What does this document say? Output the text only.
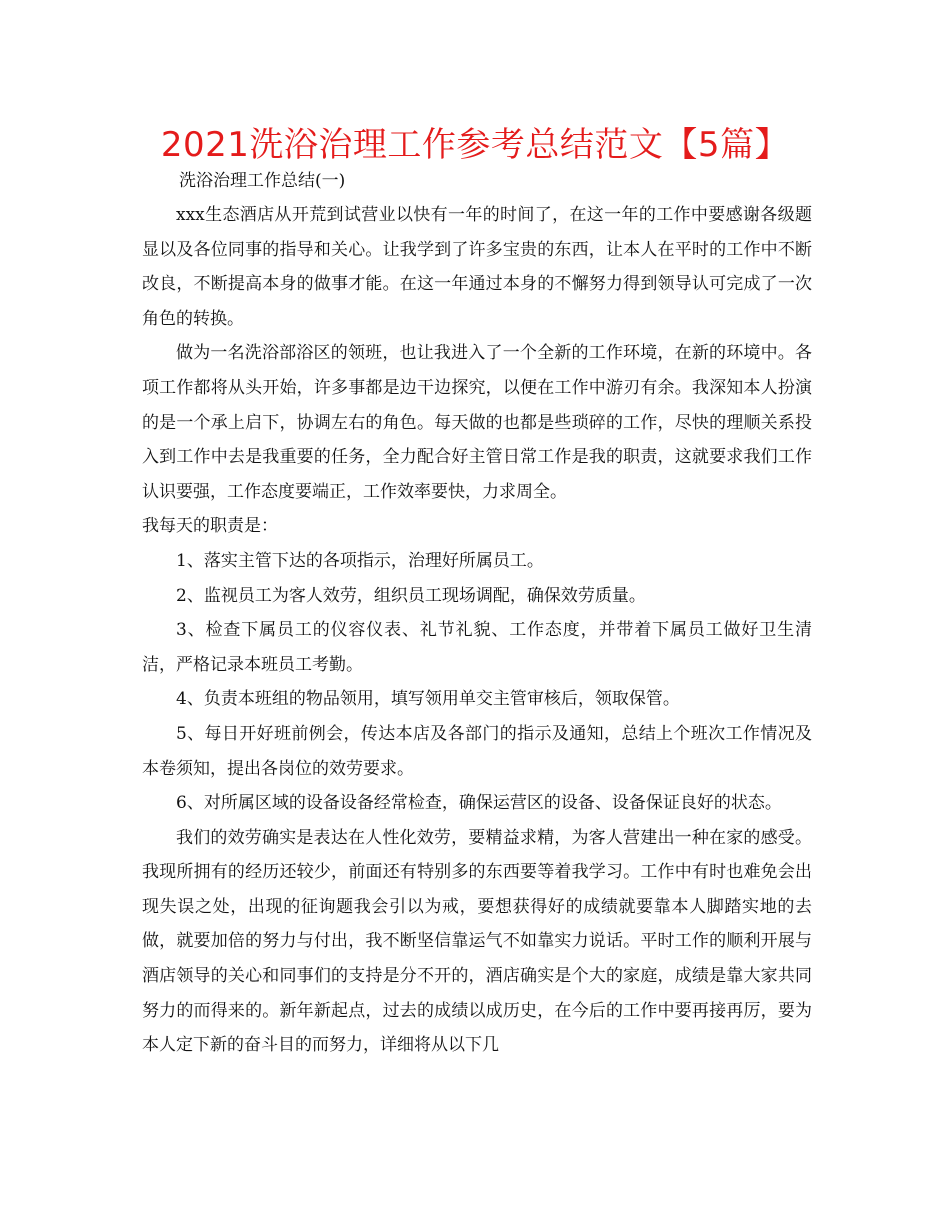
2021洗浴治理工作参考总结范文【5篇】
洗浴治理工作总结(一)

xxx生态酒店从开荒到试营业以快有一年的时间了，在这一年的工作中要感谢各级题显以及各位同事的指导和关心。让我学到了许多宝贵的东西，让本人在平时的工作中不断改良，不断提高本身的做事才能。在这一年通过本身的不懈努力得到领导认可完成了一次角色的转换。

做为一名洗浴部浴区的领班，也让我进入了一个全新的工作环境，在新的环境中。各项工作都将从头开始，许多事都是边干边探究，以便在工作中游刃有余。我深知本人扮演的是一个承上启下，协调左右的角色。每天做的也都是些琐碎的工作，尽快的理顺关系投入到工作中去是我重要的任务，全力配合好主管日常工作是我的职责，这就要求我们工作认识要强，工作态度要端正，工作效率要快，力求周全。

我每天的职责是：

1、落实主管下达的各项指示，治理好所属员工。

2、监视员工为客人效劳，组织员工现场调配，确保效劳质量。

3、检查下属员工的仪容仪表、礼节礼貌、工作态度，并带着下属员工做好卫生清洁，严格记录本班员工考勤。

4、负责本班组的物品领用，填写领用单交主管审核后，领取保管。

5、每日开好班前例会，传达本店及各部门的指示及通知，总结上个班次工作情况及本卷须知，提出各岗位的效劳要求。

6、对所属区域的设备设备经常检查，确保运营区的设备、设备保证良好的状态。

我们的效劳确实是表达在人性化效劳，要精益求精，为客人营建出一种在家的感受。我现所拥有的经历还较少，前面还有特别多的东西要等着我学习。工作中有时也难免会出现失误之处，出现的征询题我会引以为戒，要想获得好的成绩就要靠本人脚踏实地的去做，就要加倍的努力与付出，我不断坚信靠运气不如靠实力说话。平时工作的顺利开展与酒店领导的关心和同事们的支持是分不开的，酒店确实是个大的家庭，成绩是靠大家共同努力的而得来的。新年新起点，过去的成绩以成历史，在今后的工作中要再接再厉，要为本人定下新的奋斗目的而努力，详细将从以下几
